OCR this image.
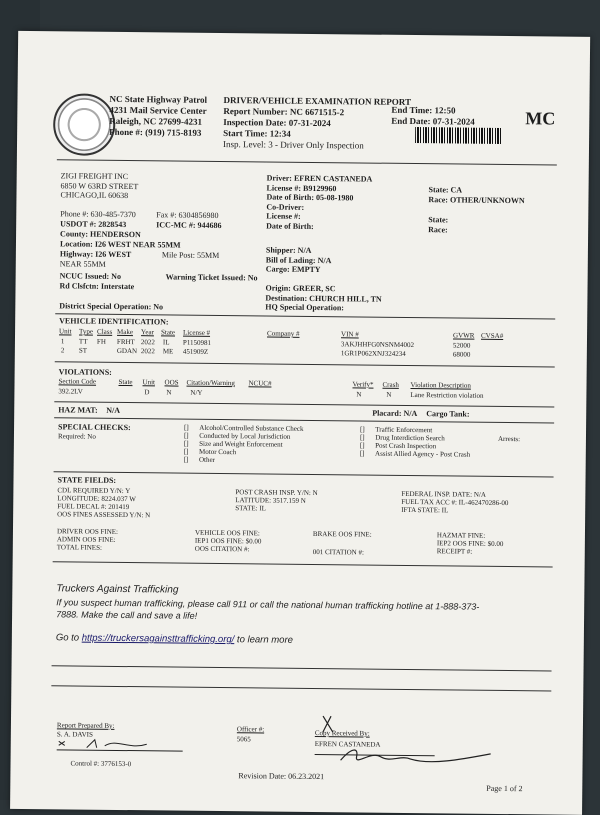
NC State Highway Patrol
4231 Mail Service Center
Raleigh, NC 27699-4231
Phone #: (919) 715-8193
DRIVER/VEHICLE EXAMINATION REPORT
Report Number: NC 6671515-2
Inspection Date: 07-31-2024
Start Time: 12:34
Insp. Level: 3 - Driver Only Inspection
End Time: 12:50
End Date: 07-31-2024	MC
ZIGI FREIGHT INC
6850 W 63RD STREET
CHICAGO,IL 60638
Phone #: 630-485-7370	Fax #: 6304856980
USDOT #: 2828543	ICC-MC #: 944686
County: HENDERSON
Location: I26 WEST NEAR 55MM
Highway: I26 WEST	Mile Post: 55MM
NEAR 55MM
NCUC Issued: No	Warning Ticket Issued: No
Rd Clsfctn: Interstate
District Special Operation: No
Driver: EFREN CASTANEDA
License #: B9129960
Date of Birth: 05-08-1980
Co-Driver:
License #:
Date of Birth:
State: CA
Race: OTHER/UNKNOWN
State:
Race:
Shipper: N/A
Bill of Lading: N/A
Cargo: EMPTY
Origin: GREER, SC
Destination: CHURCH HILL, TN
HQ Special Operation:
VEHICLE IDENTIFICATION:
Unit Type Class Make Year State License #	Company #	VIN #	GVWR CVSA#
1 TT FH FRHT 2022 IL P1150981	3AKJHHFG0NSNM4002	52000
2 ST	GDAN 2022 ME 451909Z	1GR1P062XNJ324234	68000
VIOLATIONS:
Section Code	State Unit OOS Citation/Warning NCUC#	Verify* Crash Violation Description
392.2LV	D N	N/Y	N	N	Lane Restriction violation
HAZ MAT: N/A	Placard: N/A Cargo Tank:
SPECIAL CHECKS:
Required: No
[] Alcohol/Controlled Substance Check
[] Conducted by Local Jurisdiction
[] Size and Weight Enforcement
[] Motor Coach
[] Other
[] Traffic Enforcement
[] Drug Interdiction Search
[] Post Crash Inspection
[] Assist Allied Agency - Post Crash
Arrests:
STATE FIELDS:
CDL REQUIRED Y/N: Y
LONGITUDE: 8224.037 W
FUEL DECAL #: 201419
OOS FINES ASSESSED Y/N: N
POST CRASH INSP. Y/N: N
LATITUDE: 3517.159 N
STATE: IL
FEDERAL INSP. DATE: N/A
FUEL TAX ACC #: IL-462470286-00
IFTA STATE: IL
DRIVER OOS FINE:
ADMIN OOS FINE:
TOTAL FINES:
VEHICLE OOS FINE:
IEP1 OOS FINE: $0.00
OOS CITATION #:
BRAKE OOS FINE:
001 CITATION #:
HAZMAT FINE:
IEP2 OOS FINE: $0.00
RECEIPT #:
Truckers Against Trafficking
If you suspect human trafficking, please call 911 or call the national human trafficking hotline at 1-888-373-
7888. Make the call and save a life!
Go to https://truckersagainsttrafficking.org/ to learn more
Report Prepared By:
S. A. DAVIS
Officer #:
5065
Copy Received By:
EFREN CASTANEDA
Control #: 3776153-0
Revision Date: 06.23.2021
Page 1 of 2
